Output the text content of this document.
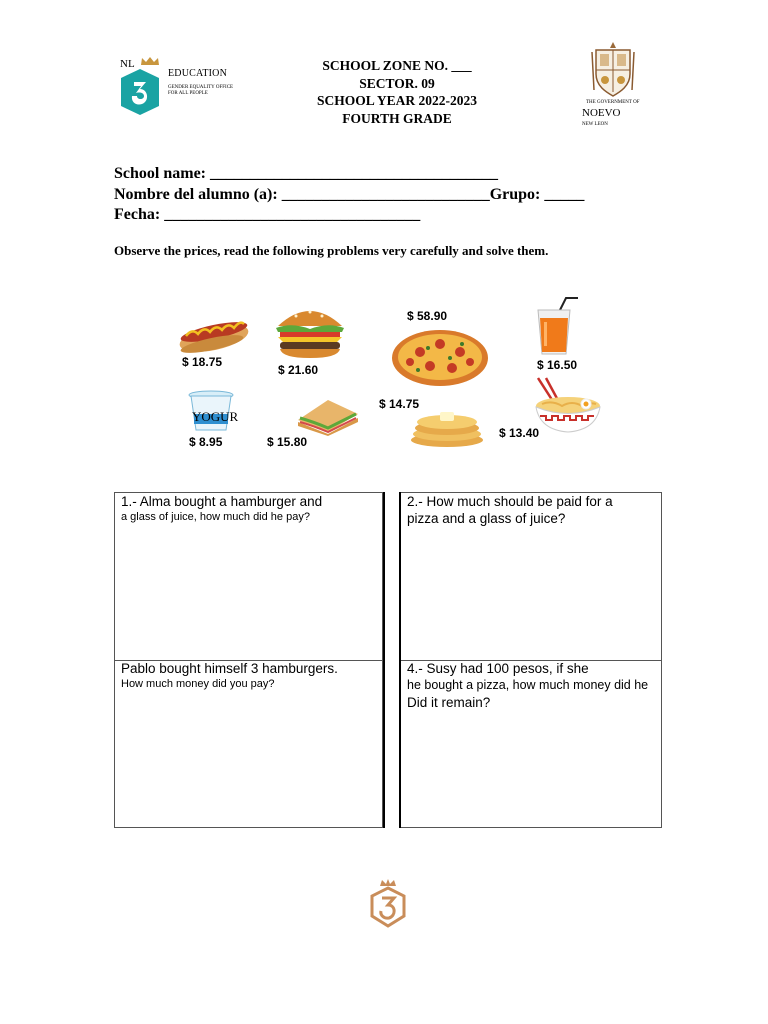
NL
EDUCATION
GENDER EQUALITY OFFICE FOR ALL PEOPLE
THE GOVERNMENT OF
NOEVO
NEW LEON
SCHOOL ZONE NO. ___
SECTOR. 09
SCHOOL YEAR 2022-2023
FOURTH GRADE
School name: ____________________________________
Nombre del alumno (a): __________________________Grupo: _____
Fecha: ________________________________
Observe the prices, read the following problems very carefully and solve them.
$ 18.75
$ 21.60
$ 58.90
$ 16.50
YOGUR
$ 8.95	$ 15.80
$ 14.75
$ 13.40
1.- Alma bought a hamburger and
a glass of juice, how much did he pay?
2.- How much should be paid for a
pizza and a glass of juice?
Pablo bought himself 3 hamburgers.
How much money did you pay?
4.- Susy had 100 pesos, if she
he bought a pizza, how much money did he
Did it remain?
